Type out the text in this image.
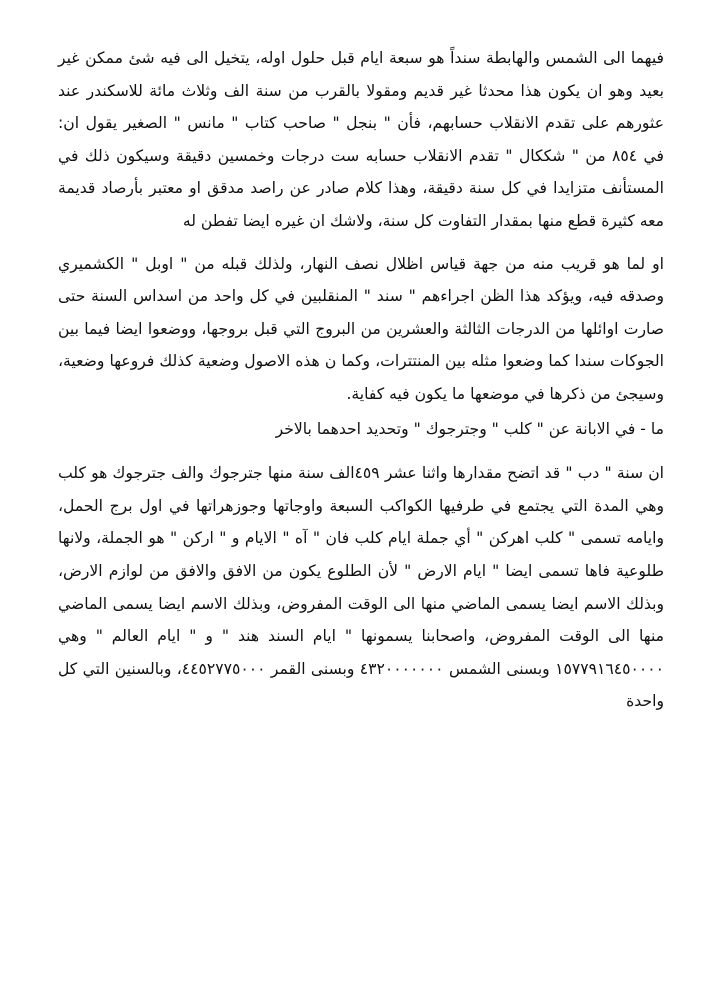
فيهما الى الشمس والهابطة سنداً هو سبعة ايام قبل حلول اوله، يتخيل الى فيه شئ ممكن غير بعيد وهو ان يكون هذا محدثا غير قديم ومقولا بالقرب من سنة الف وثلاث مائة للاسكندر عند عثورهم على تقدم الانقلاب حسابهم، فأن " بنجل " صاحب كتاب " مانس " الصغير يقول ان: في ٨٥٤ من " شككال " تقدم الانقلاب حسابه ست درجات وخمسين دقيقة وسيكون ذلك في المستأنف متزايدا في كل سنة دقيقة، وهذا كلام صادر عن راصد مدقق او معتبر بأرصاد قديمة معه كثيرة قطع منها بمقدار التفاوت كل سنة، ولاشك ان غيره ايضا تفطن له

او لما هو قريب منه من جهة قياس اظلال نصف النهار، ولذلك قبله من " اوبل " الكشميري وصدقه فيه، ويؤكد هذا الظن اجراءهم " سند " المنقلبين في كل واحد من اسداس السنة حتى صارت اوائلها من الدرجات الثالثة والعشرين من البروج التي قبل بروجها، ووضعوا ايضا فيما بين الجوكات سندا كما وضعوا مثله بين المنتترات، وكما ن هذه الاصول وضعية كذلك فروعها وضعية، وسيجئ من ذكرها في موضعها ما يكون فيه كفاية.

ما - في الابانة عن " كلب " وجترجوك " وتحديد احدهما بالاخر

ان سنة " دب " قد اتضح مقدارها واثنا عشر ٤٥٩الف سنة منها جترجوك والف جترجوك هو كلب وهي المدة التي يجتمع في طرفيها الكواكب السبعة واوجاتها وجوزهراتها في اول برج الحمل، وايامه تسمى " كلب اهركن " أي جملة ايام كلب فان " آه " الايام و " اركن " هو الجملة، ولانها طلوعية فاها تسمى ايضا " ايام الارض " لأن الطلوع يكون من الافق والافق من لوازم الارض، وبذلك الاسم ايضا يسمى الماضي منها الى الوقت المفروض، وبذلك الاسم ايضا يسمى الماضي منها الى الوقت المفروض، واصحابنا يسمونها " ايام السند هند " و " ايام العالم " وهي ١٥٧٧٩١٦٤٥٠٠٠٠ وبسنى الشمس ٤٣٢٠٠٠٠٠٠٠ وبسنى القمر ٤٤٥٢٧٧٥٠٠٠، وبالسنين التي كل واحدة
